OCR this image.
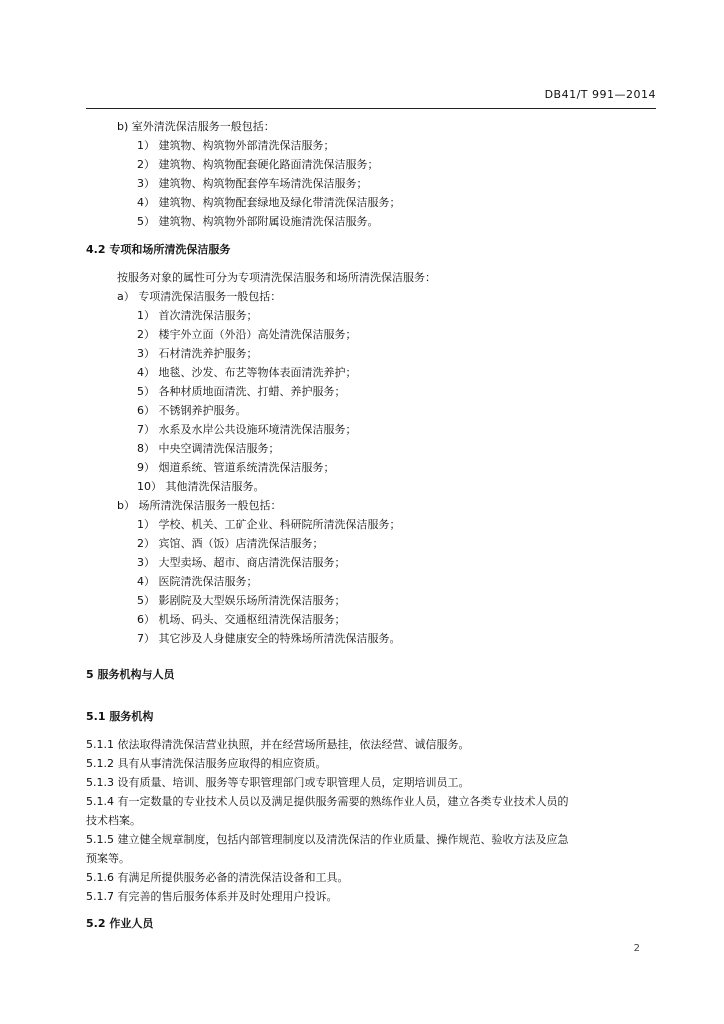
DB41/T 991—2014
b) 室外清洗保洁服务一般包括：
1） 建筑物、构筑物外部清洗保洁服务；
2） 建筑物、构筑物配套硬化路面清洗保洁服务；
3） 建筑物、构筑物配套停车场清洗保洁服务；
4） 建筑物、构筑物配套绿地及绿化带清洗保洁服务；
5） 建筑物、构筑物外部附属设施清洗保洁服务。
4.2 专项和场所清洗保洁服务
按服务对象的属性可分为专项清洗保洁服务和场所清洗保洁服务：
a） 专项清洗保洁服务一般包括：
1） 首次清洗保洁服务；
2） 楼宇外立面（外沿）高处清洗保洁服务；
3） 石材清洗养护服务；
4） 地毯、沙发、布艺等物体表面清洗养护；
5） 各种材质地面清洗、打蜡、养护服务；
6） 不锈钢养护服务。
7） 水系及水岸公共设施环境清洗保洁服务；
8） 中央空调清洗保洁服务；
9） 烟道系统、管道系统清洗保洁服务；
10） 其他清洗保洁服务。
b） 场所清洗保洁服务一般包括：
1） 学校、机关、工矿企业、科研院所清洗保洁服务；
2） 宾馆、酒（饭）店清洗保洁服务；
3） 大型卖场、超市、商店清洗保洁服务；
4） 医院清洗保洁服务；
5） 影剧院及大型娱乐场所清洗保洁服务；
6） 机场、码头、交通枢纽清洗保洁服务；
7） 其它涉及人身健康安全的特殊场所清洗保洁服务。
5 服务机构与人员
5.1 服务机构
5.1.1 依法取得清洗保洁营业执照，并在经营场所悬挂，依法经营、诚信服务。
5.1.2 具有从事清洗保洁服务应取得的相应资质。
5.1.3 设有质量、培训、服务等专职管理部门或专职管理人员，定期培训员工。
5.1.4 有一定数量的专业技术人员以及满足提供服务需要的熟练作业人员，建立各类专业技术人员的
技术档案。
5.1.5 建立健全规章制度，包括内部管理制度以及清洗保洁的作业质量、操作规范、验收方法及应急
预案等。
5.1.6 有满足所提供服务必备的清洗保洁设备和工具。
5.1.7 有完善的售后服务体系并及时处理用户投诉。
5.2 作业人员
2
